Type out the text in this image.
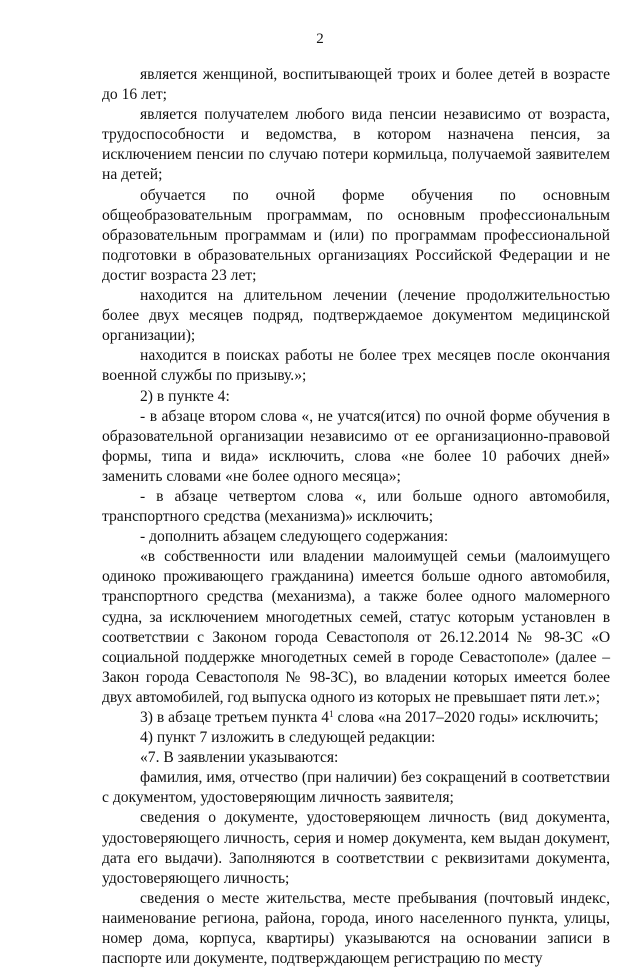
2

является женщиной, воспитывающей троих и более детей в возрасте до 16 лет;

является получателем любого вида пенсии независимо от возраста, трудоспособности и ведомства, в котором назначена пенсия, за исключением пенсии по случаю потери кормильца, получаемой заявителем на детей;

обучается по очной форме обучения по основным общеобразовательным программам, по основным профессиональным образовательным программам и (или) по программам профессиональной подготовки в образовательных организациях Российской Федерации и не достиг возраста 23 лет;

находится на длительном лечении (лечение продолжительностью более двух месяцев подряд, подтверждаемое документом медицинской организации);

находится в поисках работы не более трех месяцев после окончания военной службы по призыву.»;

2) в пункте 4:

- в абзаце втором слова «, не учатся(ится) по очной форме обучения в образовательной организации независимо от ее организационно-правовой формы, типа и вида» исключить, слова «не более 10 рабочих дней» заменить словами «не более одного месяца»;

- в абзаце четвертом слова «, или больше одного автомобиля, транспортного средства (механизма)» исключить;

- дополнить абзацем следующего содержания:

«в собственности или владении малоимущей семьи (малоимущего одиноко проживающего гражданина) имеется больше одного автомобиля, транспортного средства (механизма), а также более одного маломерного судна, за исключением многодетных семей, статус которым установлен в соответствии с Законом города Севастополя от 26.12.2014 № 98-ЗС «О социальной поддержке многодетных семей в городе Севастополе» (далее – Закон города Севастополя № 98-ЗС), во владении которых имеется более двух автомобилей, год выпуска одного из которых не превышает пяти лет.»;

3) в абзаце третьем пункта $4^1$ слова «на 2017–2020 годы» исключить;

4) пункт 7 изложить в следующей редакции:

«7. В заявлении указываются:

фамилия, имя, отчество (при наличии) без сокращений в соответствии с документом, удостоверяющим личность заявителя;

сведения о документе, удостоверяющем личность (вид документа, удостоверяющего личность, серия и номер документа, кем выдан документ, дата его выдачи). Заполняются в соответствии с реквизитами документа, удостоверяющего личность;

сведения о месте жительства, месте пребывания (почтовый индекс, наименование региона, района, города, иного населенного пункта, улицы, номер дома, корпуса, квартиры) указываются на основании записи в паспорте или документе, подтверждающем регистрацию по месту
